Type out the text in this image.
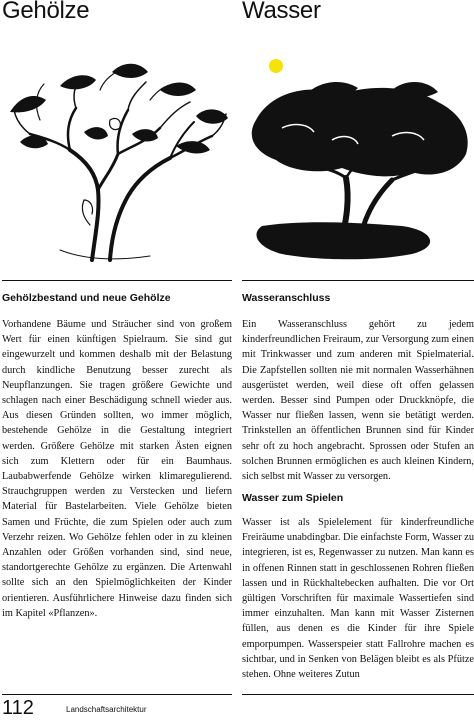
Gehölze	Wasser
Gehölzbestand und neue Gehölze

Vorhandene Bäume und Sträucher sind von großem Wert für einen künftigen Spielraum. Sie sind gut eingewurzelt und kommen deshalb mit der Belastung durch kindliche Benutzung besser zurecht als Neupflanzungen. Sie tragen größere Gewichte und schlagen nach einer Beschädigung schnell wieder aus. Aus diesen Gründen sollten, wo immer möglich, bestehende Gehölze in die Gestaltung integriert werden. Größere Gehölze mit starken Ästen eignen sich zum Klettern oder für ein Baumhaus. Laubabwerfende Gehölze wirken klimaregulierend. Strauchgruppen werden zu Verstecken und liefern Material für Bastelarbeiten. Viele Gehölze bieten Samen und Früchte, die zum Spielen oder auch zum Verzehr reizen. Wo Gehölze fehlen oder in zu kleinen Anzahlen oder Größen vorhanden sind, sind neue, standortgerechte Gehölze zu ergänzen. Die Artenwahl sollte sich an den Spielmöglichkeiten der Kinder orientieren. Ausführlichere Hinweise dazu finden sich im Kapitel «Pflanzen».

Wasseranschluss

Ein Wasseranschluss gehört zu jedem kinderfreundlichen Freiraum, zur Versorgung zum einen mit Trinkwasser und zum anderen mit Spielmaterial. Die Zapfstellen sollten nie mit normalen Wasserhähnen ausgerüstet werden, weil diese oft offen gelassen werden. Besser sind Pumpen oder Druckknöpfe, die Wasser nur fließen lassen, wenn sie betätigt werden. Trinkstellen an öffentlichen Brunnen sind für Kinder sehr oft zu hoch angebracht. Sprossen oder Stufen an solchen Brunnen ermöglichen es auch kleinen Kindern, sich selbst mit Wasser zu versorgen.

Wasser zum Spielen

Wasser ist als Spielelement für kinderfreundliche Freiräume unabdingbar. Die einfachste Form, Wasser zu integrieren, ist es, Regenwasser zu nutzen. Man kann es in offenen Rinnen statt in geschlossenen Rohren fließen lassen und in Rückhaltebecken aufhalten. Die vor Ort gültigen Vorschriften für maximale Wassertiefen sind immer einzuhalten. Man kann mit Wasser Zisternen füllen, aus denen es die Kinder für ihre Spiele emporpumpen. Wasserspeier statt Fallrohre machen es sichtbar, und in Senken von Belägen bleibt es als Pfütze stehen. Ohne weiteres Zutun

112	Landschaftsarchitektur
